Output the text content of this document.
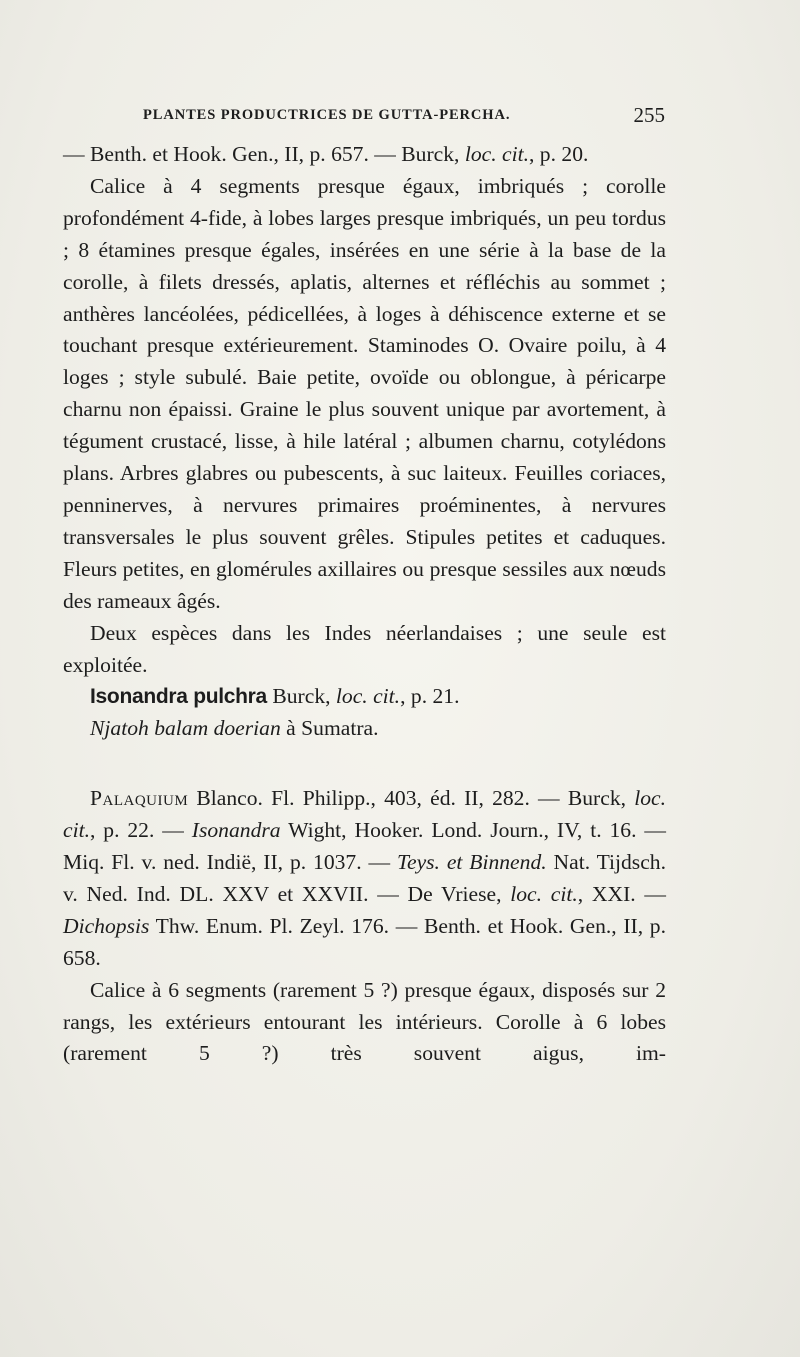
PLANTES PRODUCTRICES DE GUTTA-PERCHA.	255

— Benth. et Hook. Gen., II, p. 657. — Burck, loc. cit., p. 20.

Calice à 4 segments presque égaux, imbriqués ; corolle profondément 4-fide, à lobes larges presque imbriqués, un peu tordus ; 8 étamines presque égales, insérées en une série à la base de la corolle, à filets dressés, aplatis, alternes et réfléchis au sommet ; anthères lancéolées, pédicellées, à loges à déhiscence externe et se touchant presque extérieurement. Staminodes O. Ovaire poilu, à 4 loges ; style subulé. Baie petite, ovoïde ou oblongue, à péricarpe charnu non épaissi. Graine le plus souvent unique par avortement, à tégument crustacé, lisse, à hile latéral ; albumen charnu, cotylédons plans. Arbres glabres ou pubescents, à suc laiteux. Feuilles coriaces, penninerves, à nervures primaires proéminentes, à nervures transversales le plus souvent grêles. Stipules petites et caduques. Fleurs petites, en glomérules axillaires ou presque sessiles aux nœuds des rameaux âgés.

Deux espèces dans les Indes néerlandaises ; une seule est exploitée.

Isonandra pulchra Burck, loc. cit., p. 21.

Njatoh balam doerian à Sumatra.

Palaquium Blanco. Fl. Philipp., 403, éd. II, 282. — Burck, loc. cit., p. 22. — Isonandra Wight, Hooker. Lond. Journ., IV, t. 16. — Miq. Fl. v. ned. Indië, II, p. 1037. — Teys. et Binnend. Nat. Tijdsch. v. Ned. Ind. DL. XXV et XXVII. — De Vriese, loc. cit., XXI. — Dichopsis Thw. Enum. Pl. Zeyl. 176. — Benth. et Hook. Gen., II, p. 658.

Calice à 6 segments (rarement 5 ?) presque égaux, disposés sur 2 rangs, les extérieurs entourant les intérieurs. Corolle à 6 lobes (rarement 5 ?) très souvent aigus, im-
